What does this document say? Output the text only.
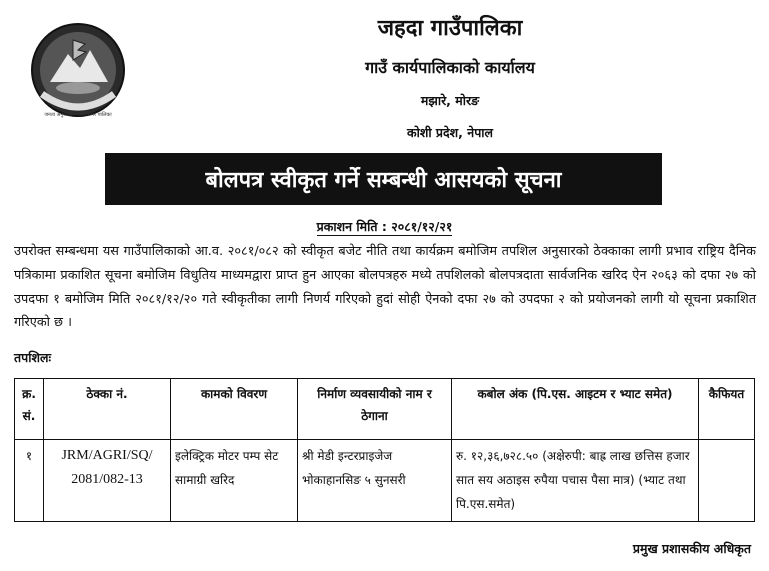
जनता अनुशासित आत्मनिर्भर पालिका
जहदा गाउँपालिका
गाउँ कार्यपालिकाको कार्यालय
मझारे, मोरङ
कोशी प्रदेश, नेपाल
बोलपत्र स्वीकृत गर्ने सम्बन्धी आसयको सूचना
प्रकाशन मिति : २०८१/१२/२१
उपरोक्त सम्बन्धमा यस गाउँपालिकाको आ.व. २०८१/०८२ को स्वीकृत बजेट नीति तथा कार्यक्रम बमोजिम तपशिल अनुसारको ठेक्काका लागी प्रभाव राष्ट्रिय दैनिक पत्रिकामा प्रकाशित सूचना बमोजिम विधुतिय माध्यमद्वारा प्राप्त हुन आएका बोलपत्रहरु मध्ये तपशिलको बोलपत्रदाता सार्वजनिक खरिद ऐन २०६३ को दफा २७ को उपदफा १ बमोजिम मिति २०८१/१२/२० गते स्वीकृतीका लागी निणर्य गरिएको हुदां सोही ऐनको दफा २७ को उपदफा २ को प्रयोजनको लागी यो सूचना प्रकाशित गरिएको छ ।
तपशिलः
क्र. सं.	ठेक्का नं.	कामको विवरण	निर्माण व्यवसायीको नाम र ठेगाना	कबोल अंक (पि.एस. आइटम र भ्याट समेत)	कैफियत
१	JRM/AGRI/SQ/ 2081/082-13	इलेक्ट्रिक मोटर पम्प सेट सामाग्री खरिद	श्री मेडी इन्टरप्राइजेज भोकाहानसिङ ५ सुनसरी	रु. १२,३६,७२८.५० (अक्षेरुपी: बाह्र लाख छत्तिस हजार सात सय अठाइस रुपैया पचास पैसा मात्र) (भ्याट तथा पि.एस.समेत)	
प्रमुख प्रशासकीय अधिकृत
